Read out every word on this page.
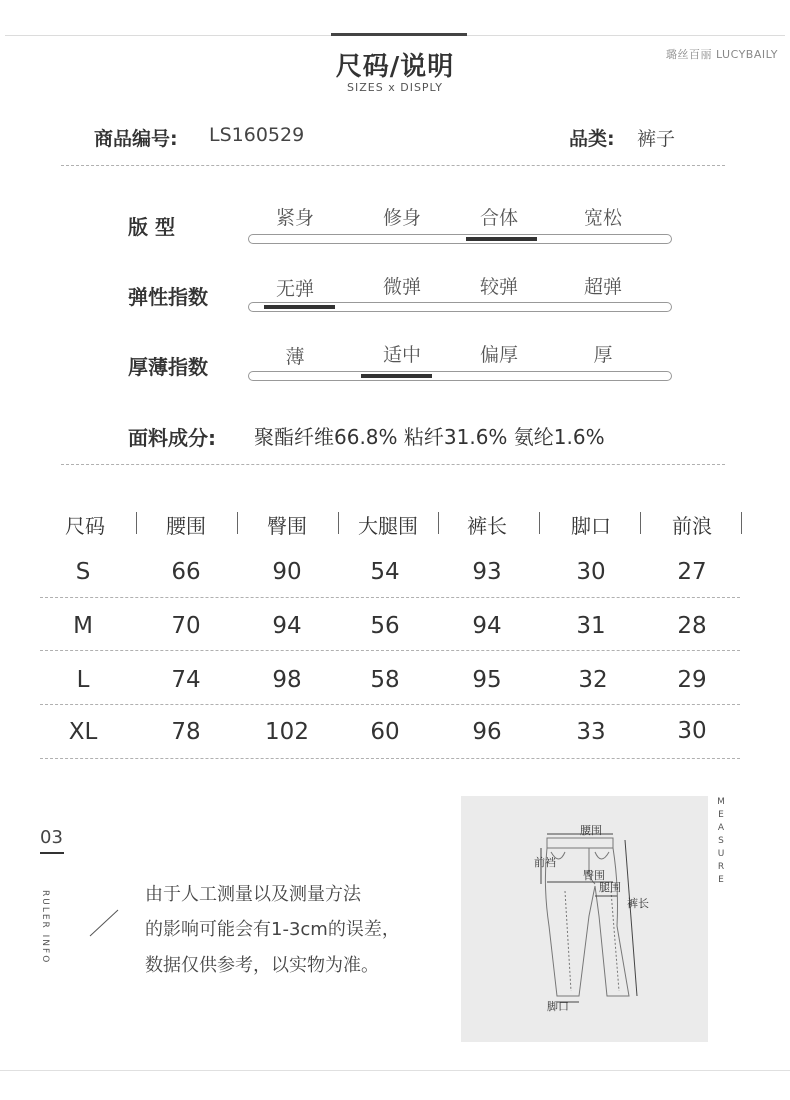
尺码/说明
SIZES x DISPLY
璐丝百丽 LUCYBAILY
商品编号: LS160529	品类: 裤子
版 型	紧身	修身	合体	宽松
弹性指数	无弹	微弹	较弹	超弹
厚薄指数	薄	适中	偏厚	厚
面料成分: 聚酯纤维66.8% 粘纤31.6% 氨纶1.6%
尺码	腰围	臀围	大腿围	裤长	脚口	前浪
S	66	90	54	93	30	27
M	70	94	56	94	31	28
L	74	98	58	95	32	29
XL	78	102	60	96	33	30
03
RULER INFO	由于人工测量以及测量方法
的影响可能会有1-3cm的误差，
数据仅供参考，以实物为准。
腰围
前裆
臀围
腿围
裤长
脚口
MEASURE
